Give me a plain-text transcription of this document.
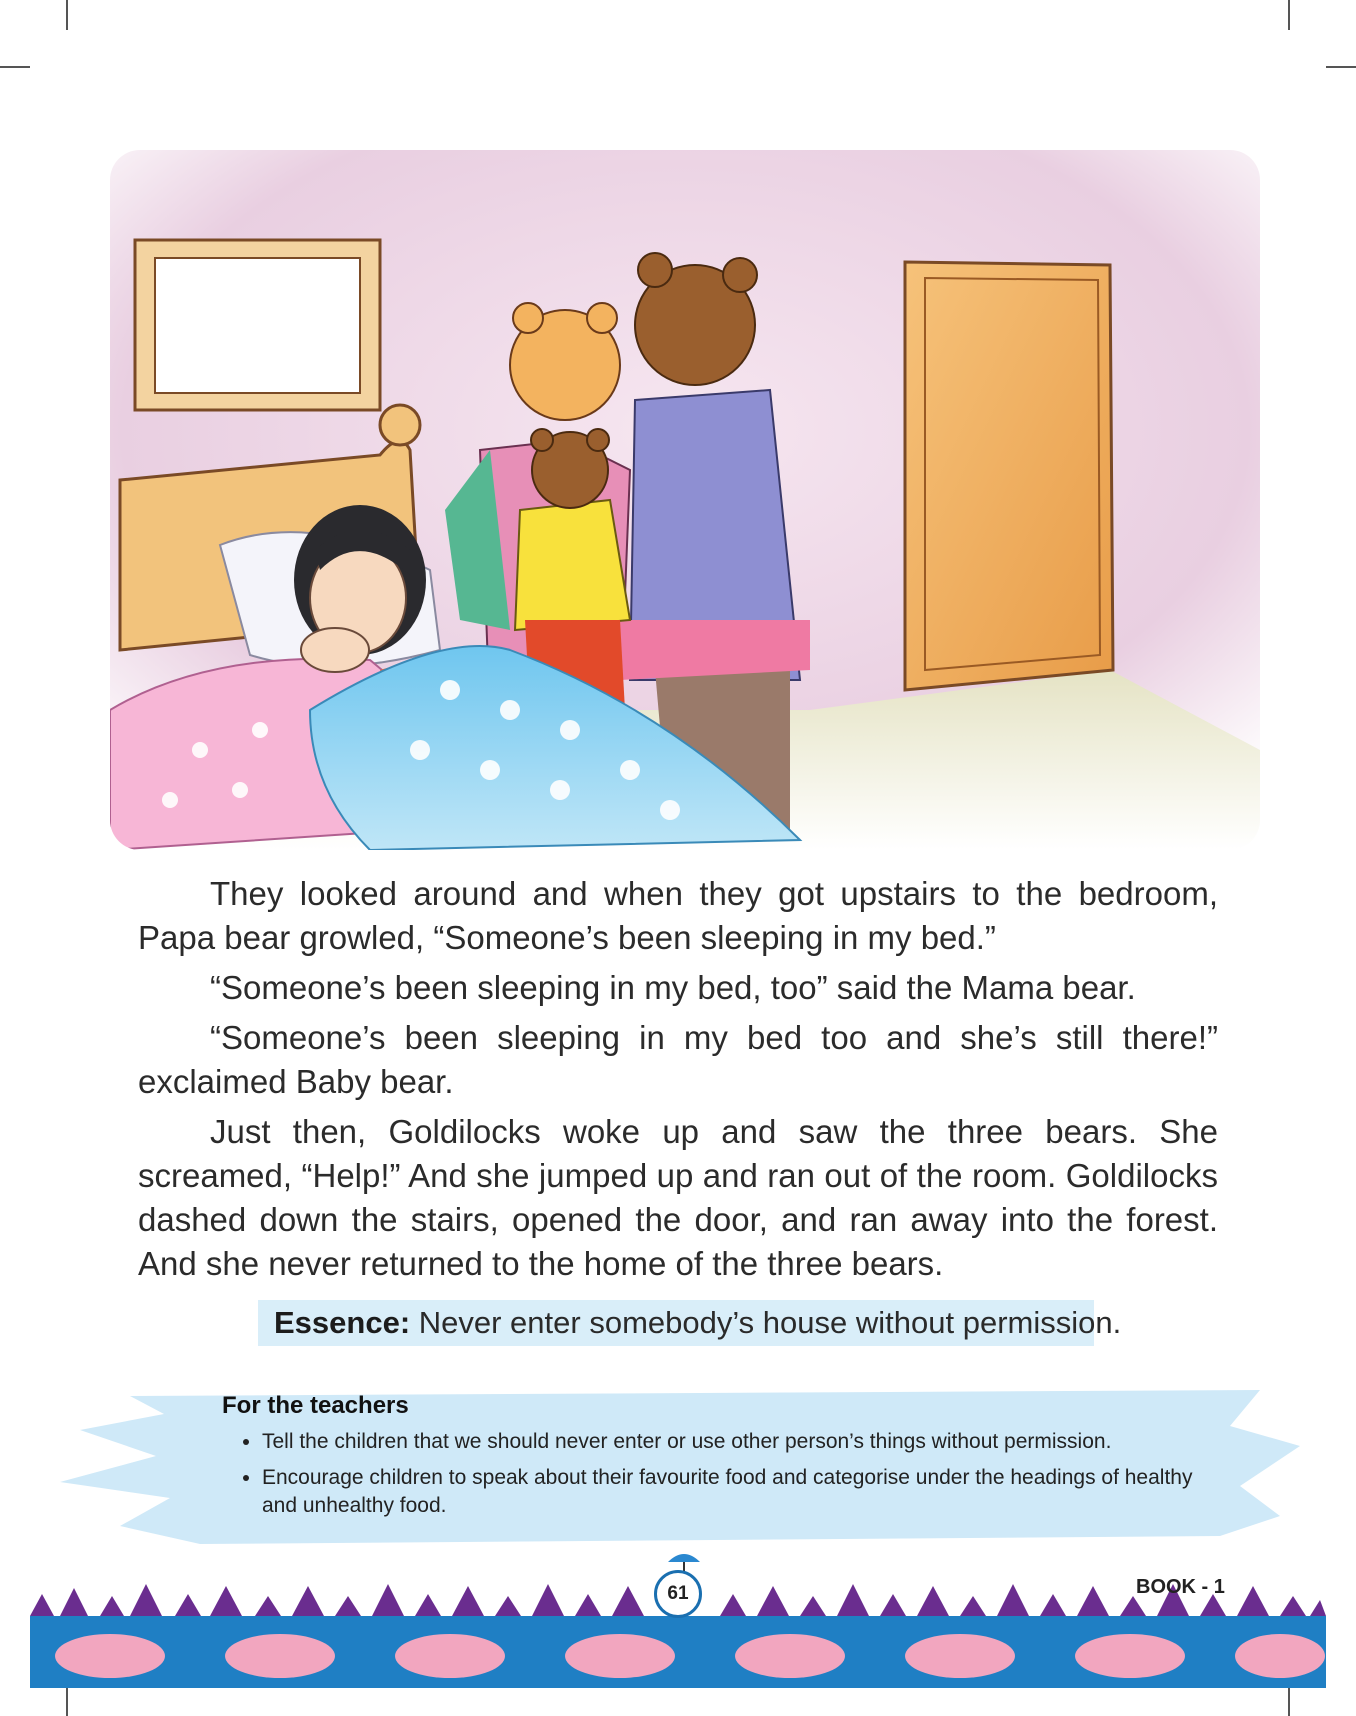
They looked around and when they got upstairs to the bedroom, Papa bear growled, “Someone’s been sleeping in my bed.”

“Someone’s been sleeping in my bed, too” said the Mama bear.

“Someone’s been sleeping in my bed too and she’s still there!” exclaimed Baby bear.

Just then, Goldilocks woke up and saw the three bears. She screamed, “Help!” And she jumped up and ran out of the room. Goldilocks dashed down the stairs, opened the door, and ran away into the forest. And she never returned to the home of the three bears.

Essence: Never enter somebody’s house without permission.
For the teachers
• Tell the children that we should never enter or use other person’s things without permission.
• Encourage children to speak about their favourite food and categorise under the headings of healthy and unhealthy food.
61	BOOK - 1
